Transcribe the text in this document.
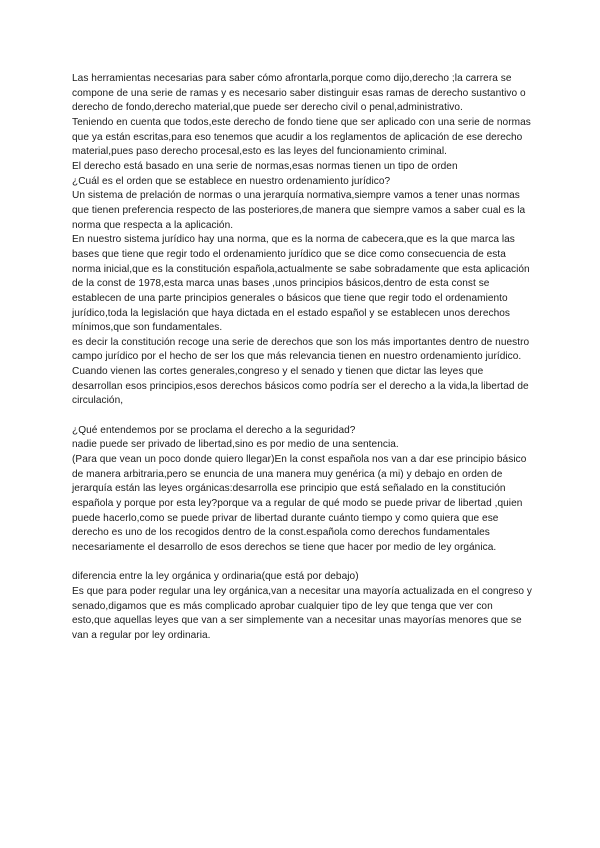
Las herramientas necesarias para saber cómo afrontarla,porque como dijo,derecho ;la carrera se compone de una serie de ramas y es necesario saber distinguir esas ramas de derecho sustantivo o derecho de fondo,derecho material,que puede ser derecho civil o penal,administrativo.

Teniendo en cuenta que todos,este derecho de fondo tiene que ser aplicado con una serie de normas que ya están escritas,para eso tenemos que acudir a los reglamentos de aplicación de ese derecho material,pues paso derecho procesal,esto es las leyes del funcionamiento criminal.

El derecho está basado en una serie de normas,esas normas tienen un tipo de orden

¿Cuál es el orden que se establece en nuestro ordenamiento jurídico?

Un sistema de prelación de normas o una jerarquía normativa,siempre vamos a tener unas normas que tienen preferencia respecto de las posteriores,de manera que siempre vamos a saber cual es la norma que respecta a la aplicación.

En nuestro sistema jurídico hay una norma, que es la norma de cabecera,que es la que marca las bases que tiene que regir todo el ordenamiento jurídico que se dice como consecuencia de esta norma inicial,que es la constitución española,actualmente se sabe sobradamente que esta aplicación de la const de 1978,esta marca unas bases ,unos principios básicos,dentro de esta const se establecen de una parte principios generales o básicos que tiene que regir todo el ordenamiento jurídico,toda la legislación que haya dictada en el estado español y se establecen unos derechos mínimos,que son fundamentales.

es decir la constitución recoge una serie de derechos que son los más importantes dentro de nuestro campo jurídico por el hecho de ser los que más relevancia tienen en nuestro ordenamiento jurídico.

Cuando vienen las cortes generales,congreso y el senado y tienen que dictar las leyes que desarrollan esos principios,esos derechos básicos como podría ser el derecho a la vida,la libertad de circulación,

¿Qué entendemos por se proclama el derecho a la seguridad?

nadie puede ser privado de libertad,sino es por medio de una sentencia.

(Para que vean un poco donde quiero llegar)En la const española nos van a dar ese principio básico de manera arbitraria,pero se enuncia de una manera muy genérica (a mi) y debajo en orden de jerarquía están las leyes orgánicas:desarrolla ese principio que está señalado en la constitución española y porque por esta ley?porque va a regular de qué modo se puede privar de libertad ,quien puede hacerlo,como se puede privar de libertad durante cuánto tiempo y como quiera que ese derecho es uno de los recogidos dentro de la const.española como derechos fundamentales necesariamente el desarrollo de esos derechos se tiene que hacer por medio de ley orgánica.

diferencia entre la ley orgánica y ordinaria(que está por debajo)

Es que para poder regular una ley orgánica,van a necesitar una mayoría actualizada en el congreso y senado,digamos que es más complicado aprobar cualquier tipo de ley que tenga que ver con esto,que aquellas leyes que van a ser simplemente van a necesitar unas mayorías menores que se van a regular por ley ordinaria.
